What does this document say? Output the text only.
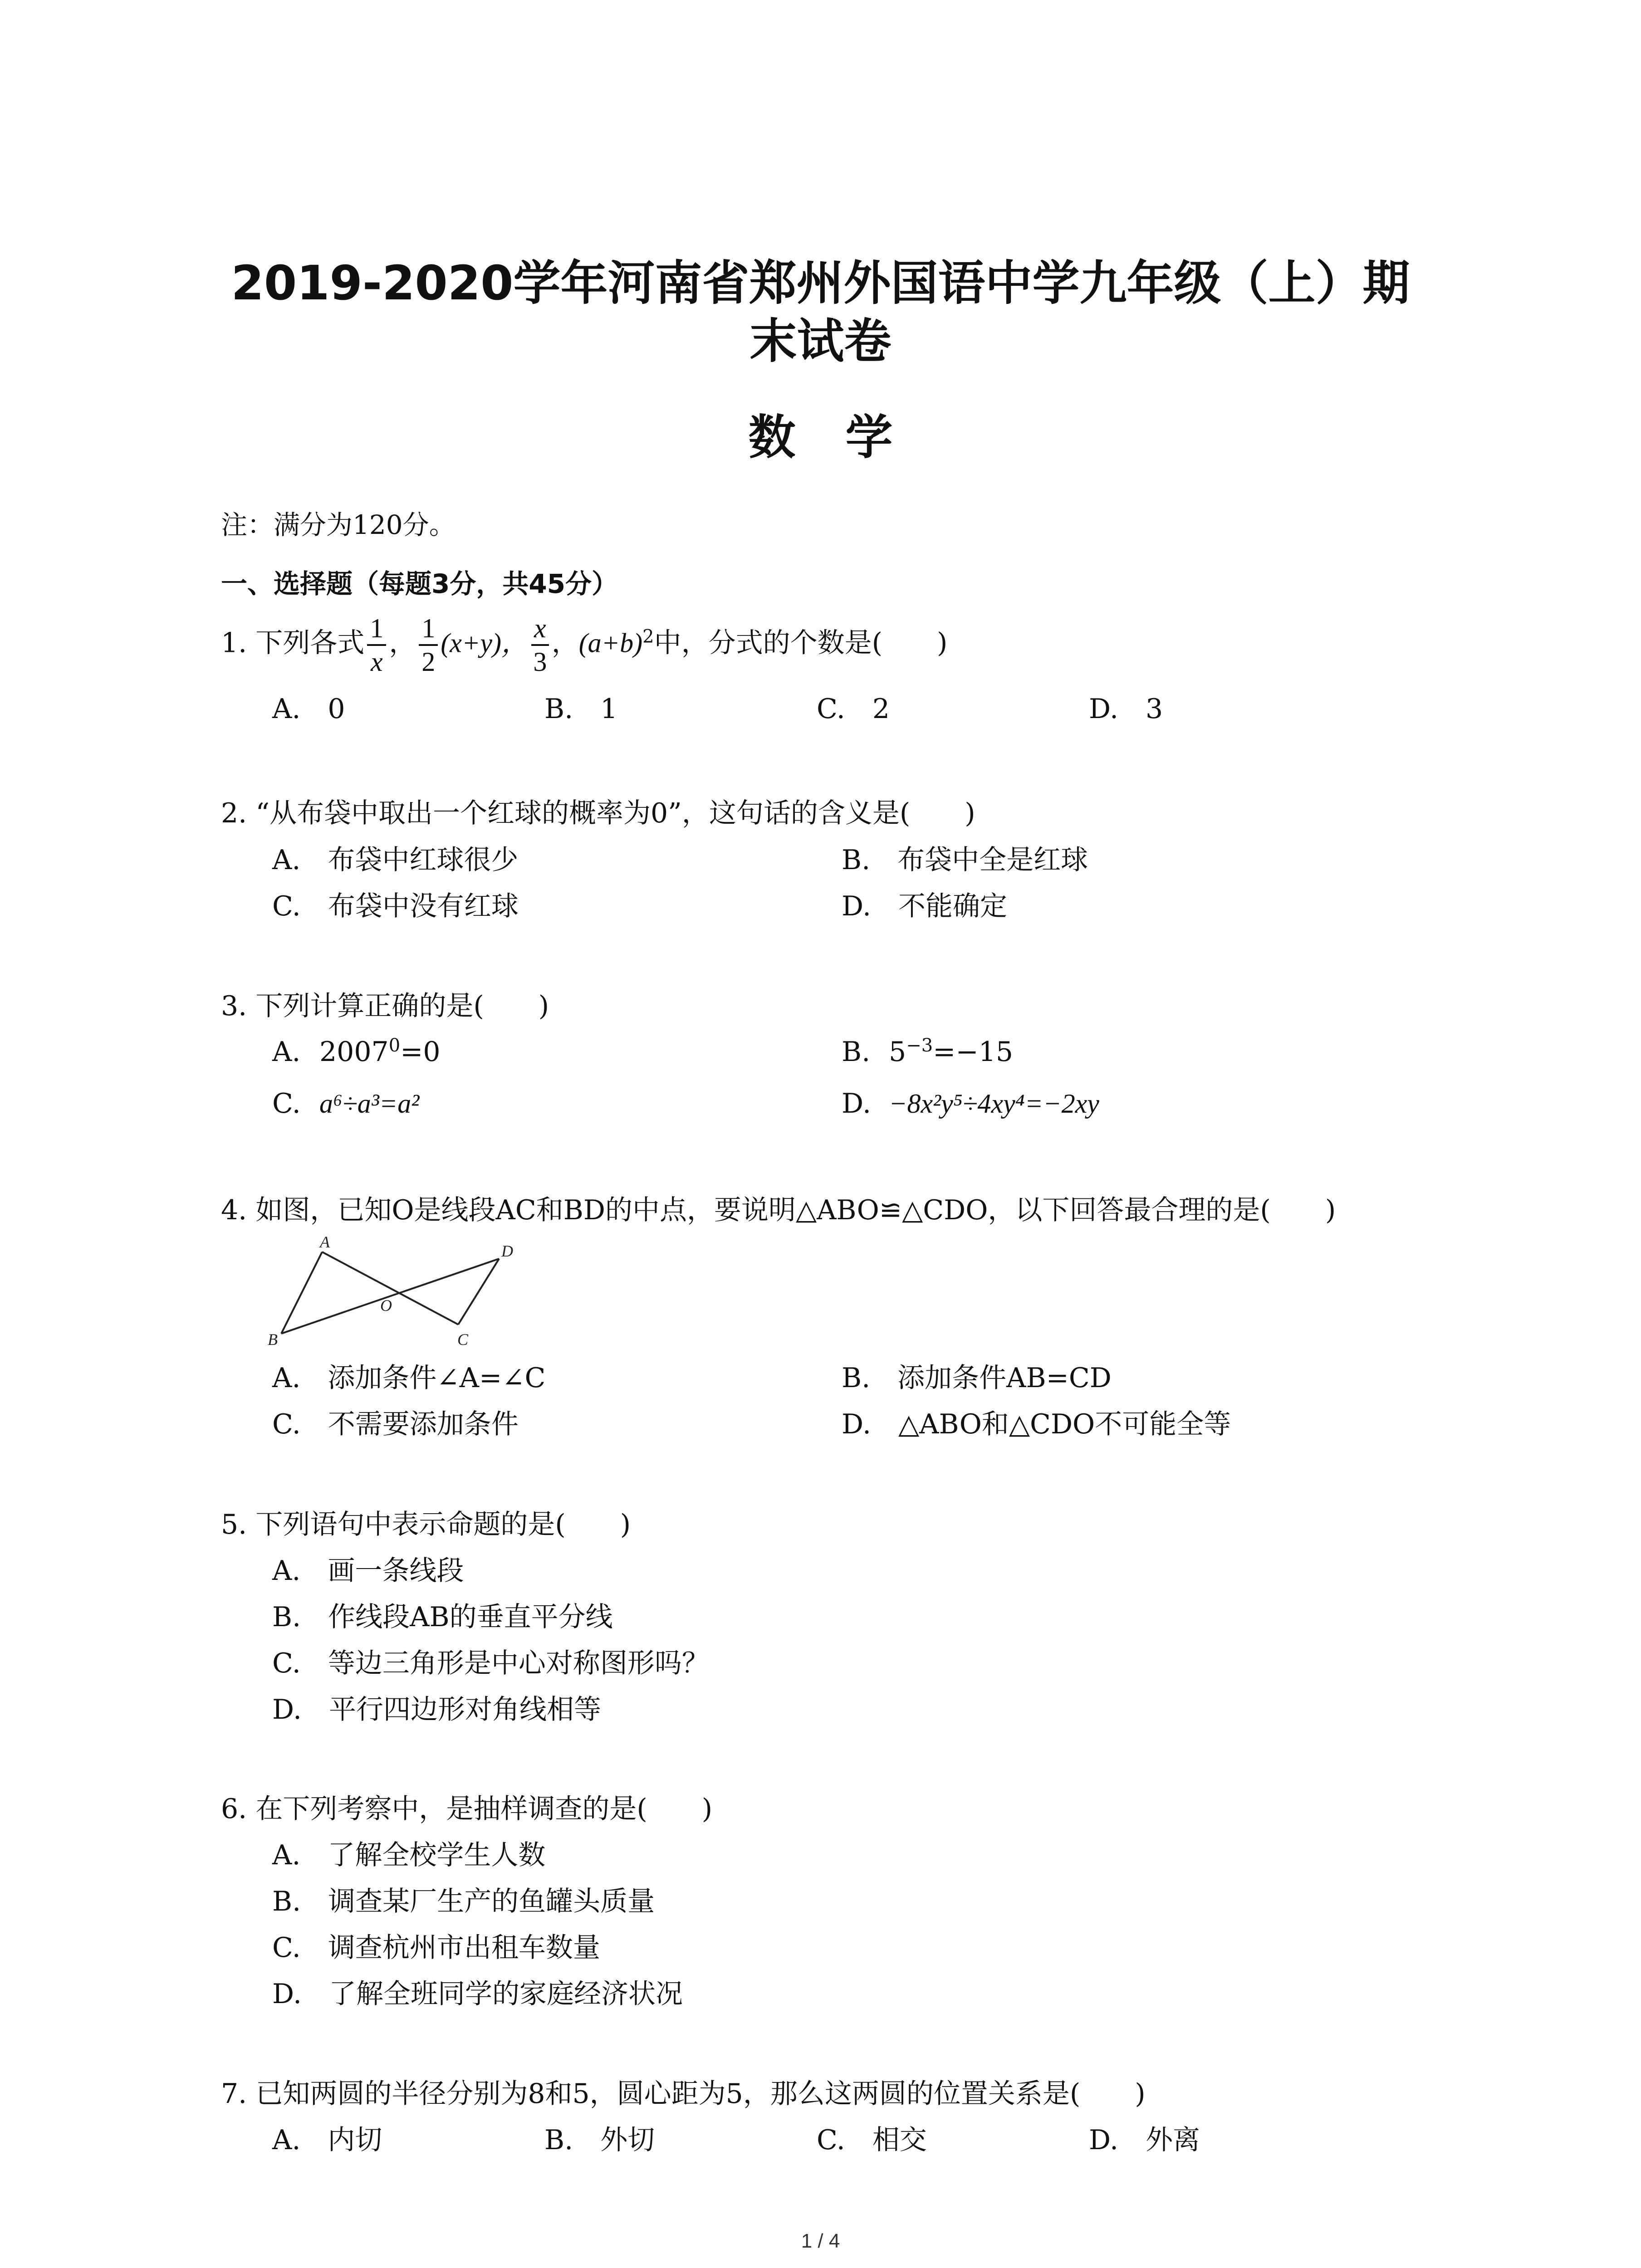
2019-2020学年河南省郑州外国语中学九年级（上）期
末试卷
数学
注：满分为120分。
一、选择题（每题3分，共45分）
1. 下列各式 $\frac{1}{x}$ ， $\frac{1}{2} (x+y)$， $\frac{x}{3}$ ，$(a+b)^2$中，分式的个数是(　　)
A.　0	B.　1	C.　2	D.　3
2. “从布袋中取出一个红球的概率为0”，这句话的含义是(　　)
A.　布袋中红球很少	B.　布袋中全是红球
C.　布袋中没有红球	D.　不能确定
3. 下列计算正确的是(　　)
A. $2007^0=0$	B. $5^{-3}=-15$
C. a⁶÷a³=a²	D. −8x²y⁵÷4xy⁴=−2xy
4. 如图，已知O是线段AC和BD的中点，要说明△ABO≌△CDO，以下回答最合理的是(　　)
A
B	C
D
O
A.　添加条件∠A=∠C	B.　添加条件AB=CD
C.　不需要添加条件	D.　△ABO和△CDO不可能全等
5. 下列语句中表示命题的是(　　)
A.　画一条线段
B.　作线段AB的垂直平分线
C.　等边三角形是中心对称图形吗？
D.　平行四边形对角线相等
6. 在下列考察中，是抽样调查的是(　　)
A.　了解全校学生人数
B.　调查某厂生产的鱼罐头质量
C.　调查杭州市出租车数量
D.　了解全班同学的家庭经济状况
7. 已知两圆的半径分别为8和5，圆心距为5，那么这两圆的位置关系是(　　)
A.　内切	B.　外切	C.　相交	D.　外离
1 / 4
